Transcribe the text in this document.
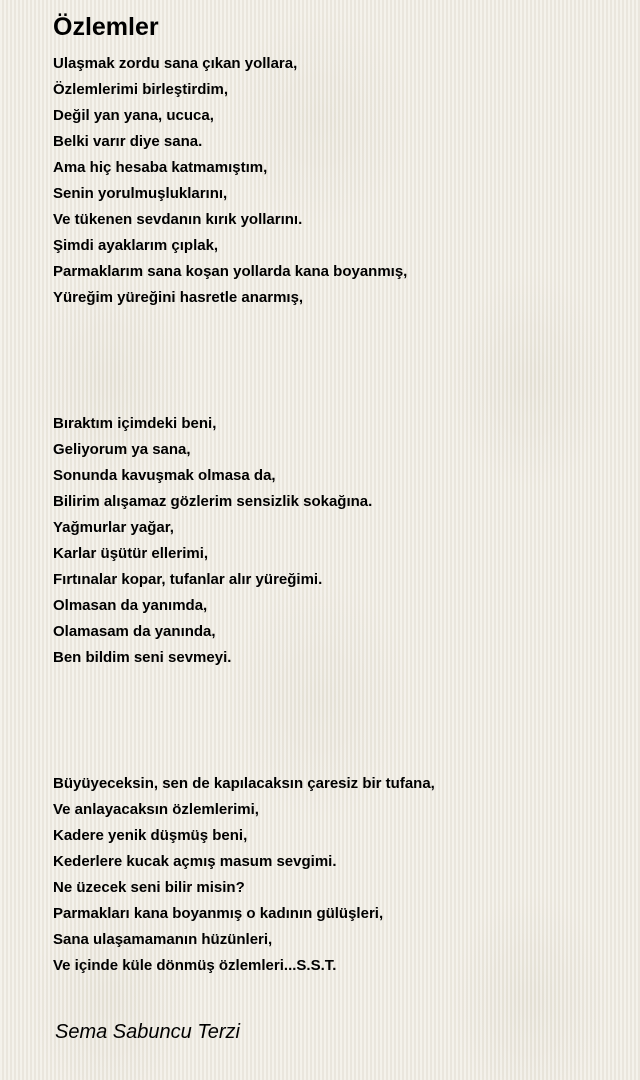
Özlemler
Ulaşmak zordu sana çıkan yollara,
Özlemlerimi birleştirdim,
Değil yan yana, ucuca,
Belki varır diye sana.
Ama hiç hesaba katmamıştım,
Senin yorulmuşluklarını,
Ve tükenen sevdanın kırık yollarını.
Şimdi ayaklarım çıplak,
Parmaklarım sana koşan yollarda kana boyanmış,
Yüreğim yüreğini hasretle anarmış,
Bıraktım içimdeki beni,
Geliyorum ya sana,
Sonunda kavuşmak olmasa da,
Bilirim alışamaz gözlerim sensizlik sokağına.
Yağmurlar yağar,
Karlar üşütür ellerimi,
Fırtınalar kopar, tufanlar alır yüreğimi.
Olmasan da yanımda,
Olamasam da yanında,
Ben bildim seni sevmeyi.
Büyüyeceksin, sen de kapılacaksın çaresiz bir tufana,
Ve anlayacaksın özlemlerimi,
Kadere yenik düşmüş beni,
Kederlere kucak açmış masum sevgimi.
Ne üzecek seni bilir misin?
Parmakları kana boyanmış o kadının gülüşleri,
Sana ulaşamamanın hüzünleri,
Ve içinde küle dönmüş özlemleri...S.S.T.
Sema Sabuncu Terzi
